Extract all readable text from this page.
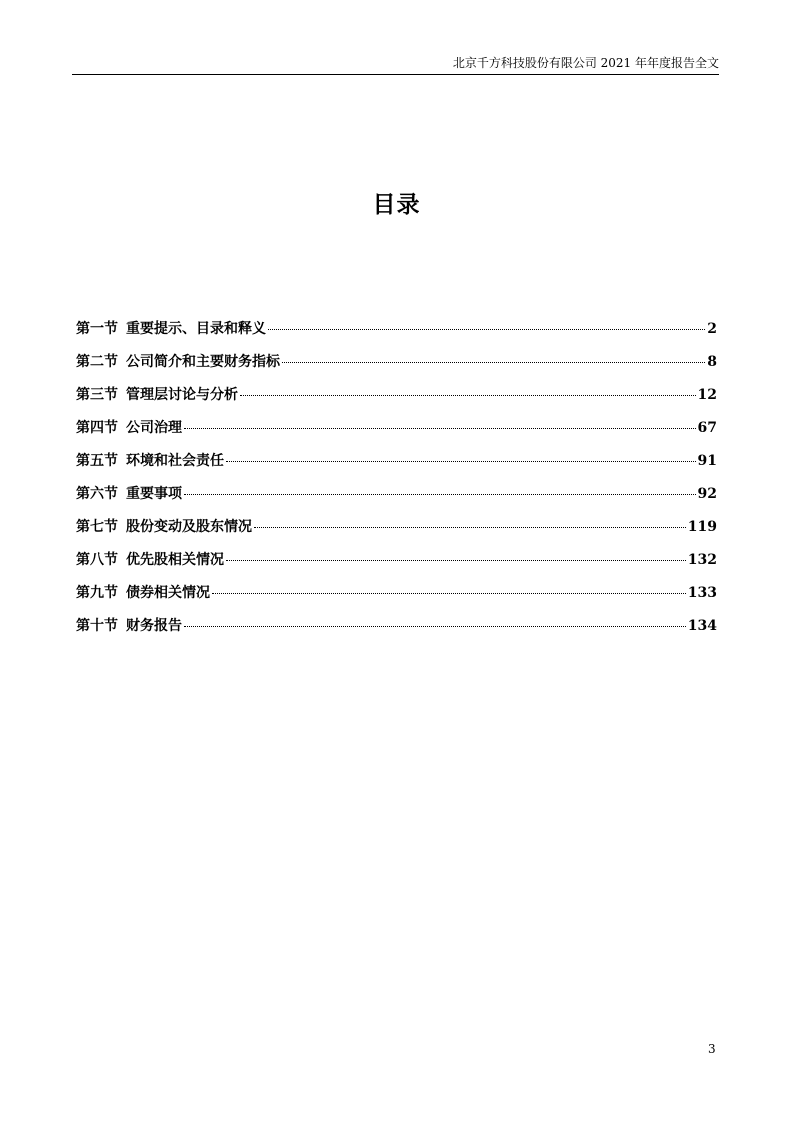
北京千方科技股份有限公司 2021 年年度报告全文
目录
第一节 重要提示、目录和释义	2
第二节 公司简介和主要财务指标	8
第三节 管理层讨论与分析	12
第四节 公司治理	67
第五节 环境和社会责任	91
第六节 重要事项	92
第七节 股份变动及股东情况	119
第八节 优先股相关情况	132
第九节 债券相关情况	133
第十节 财务报告	134
3
